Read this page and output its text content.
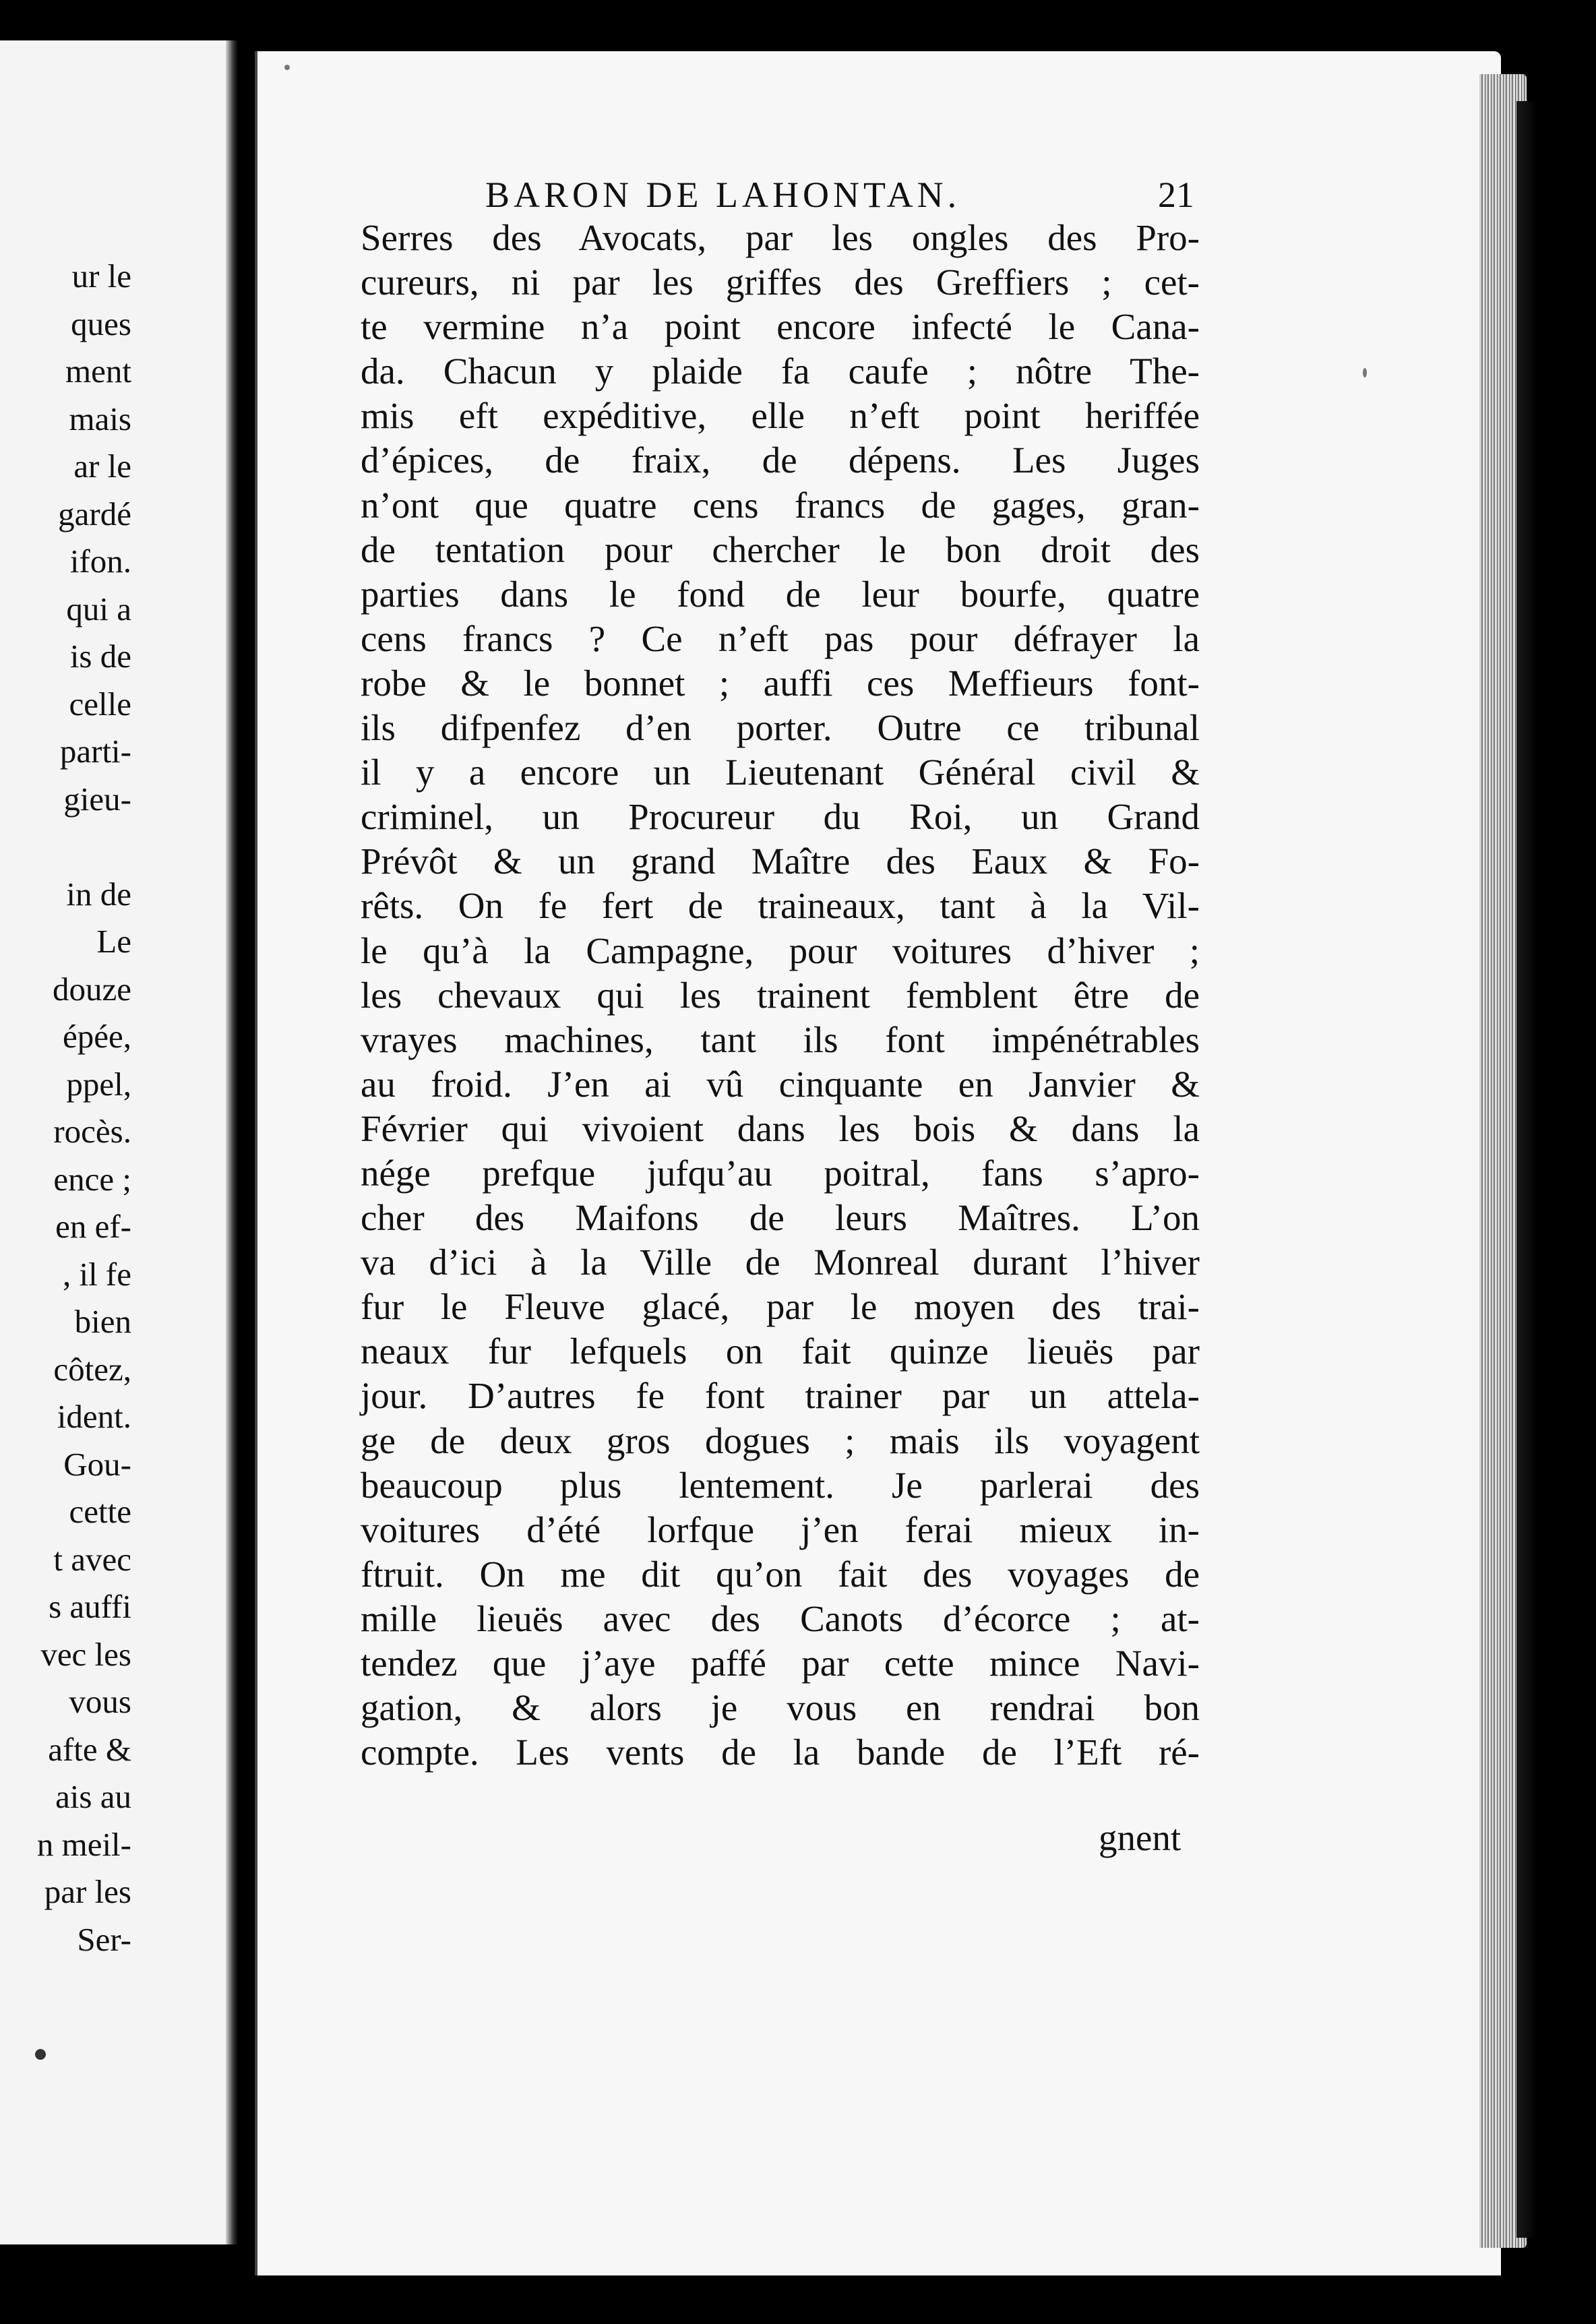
ur le
ques
ment
mais
ar le
gardé
ifon.
qui a
is de
celle
parti-
gieu-

in de
Le
douze
épée,
ppel,
rocès.
ence ;
en ef-
, il fe
bien
côtez,
ident.
Gou-
cette
t avec
s auffi
vec les
vous
afte &
ais au
n meil-
par les
Ser-
BARON DE LAHONTAN.	21
Serres des Avocats, par les ongles des Pro-
cureurs, ni par les griffes des Greffiers ; cet-
te vermine n’a point encore infecté le Cana-
da. Chacun y plaide fa caufe ; nôtre The-
mis eft expéditive, elle n’eft point heriffée
d’épices, de fraix, de dépens. Les Juges
n’ont que quatre cens francs de gages, gran-
de tentation pour chercher le bon droit des
parties dans le fond de leur bourfe, quatre
cens francs ? Ce n’eft pas pour défrayer la
robe & le bonnet ; auffi ces Meffieurs font-
ils difpenfez d’en porter. Outre ce tribunal
il y a encore un Lieutenant Général civil &
criminel, un Procureur du Roi, un Grand
Prévôt & un grand Maître des Eaux & Fo-
rêts. On fe fert de traineaux, tant à la Vil-
le qu’à la Campagne, pour voitures d’hiver ;
les chevaux qui les trainent femblent être de
vrayes machines, tant ils font impénétrables
au froid. J’en ai vû cinquante en Janvier &
Février qui vivoient dans les bois & dans la
nége prefque jufqu’au poitral, fans s’apro-
cher des Maifons de leurs Maîtres. L’on
va d’ici à la Ville de Monreal durant l’hiver
fur le Fleuve glacé, par le moyen des trai-
neaux fur lefquels on fait quinze lieuës par
jour. D’autres fe font trainer par un attela-
ge de deux gros dogues ; mais ils voyagent
beaucoup plus lentement. Je parlerai des
voitures d’été lorfque j’en ferai mieux in-
ftruit. On me dit qu’on fait des voyages de
mille lieuës avec des Canots d’écorce ; at-
tendez que j’aye paffé par cette mince Navi-
gation, & alors je vous en rendrai bon
compte. Les vents de la bande de l’Eft ré-
gnent
